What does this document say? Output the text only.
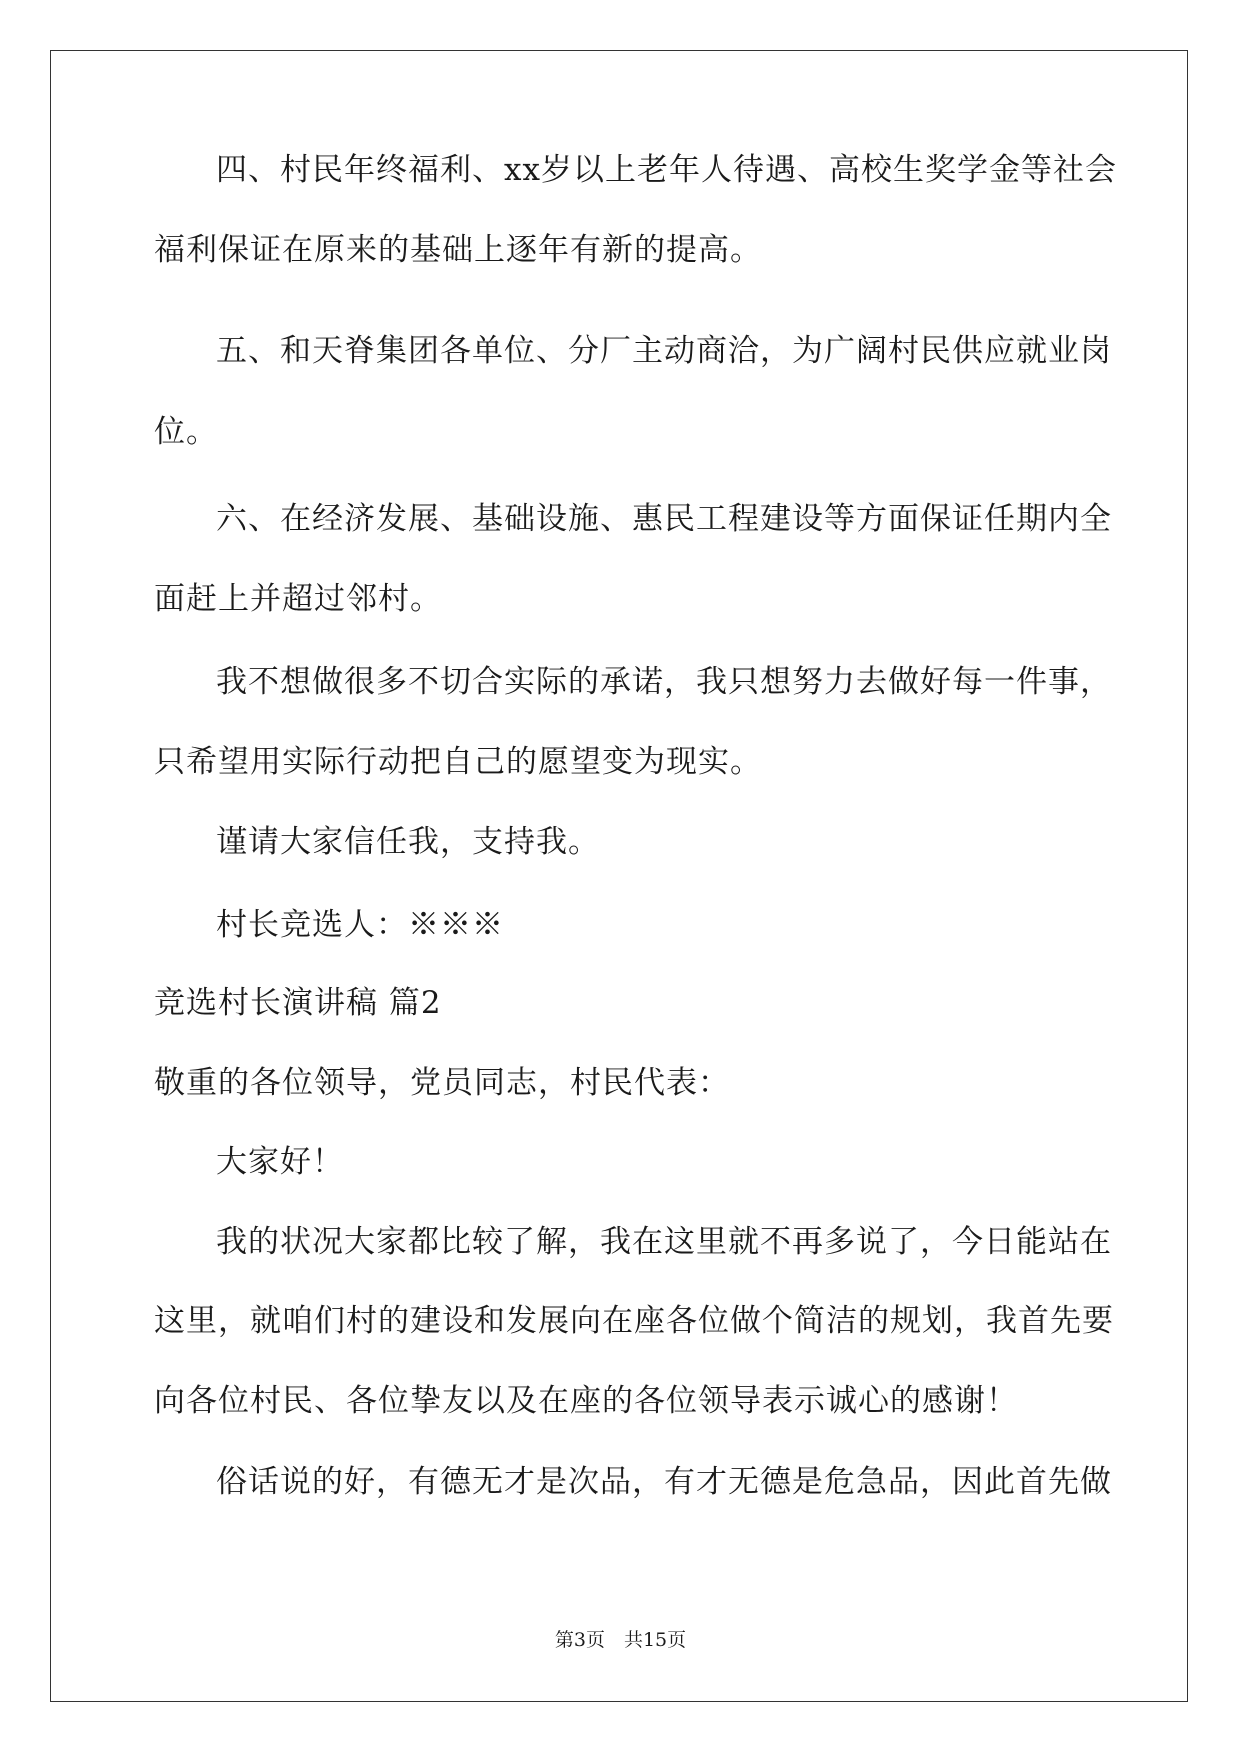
四、村民年终福利、xx岁以上老年人待遇、高校生奖学金等社会
福利保证在原来的基础上逐年有新的提高。
五、和天脊集团各单位、分厂主动商洽，为广阔村民供应就业岗
位。
六、在经济发展、基础设施、惠民工程建设等方面保证任期内全
面赶上并超过邻村。
我不想做很多不切合实际的承诺，我只想努力去做好每一件事，
只希望用实际行动把自己的愿望变为现实。
谨请大家信任我，支持我。
村长竞选人：※※※
竞选村长演讲稿 篇2
敬重的各位领导，党员同志，村民代表：
大家好！
我的状况大家都比较了解，我在这里就不再多说了，今日能站在
这里，就咱们村的建设和发展向在座各位做个简洁的规划，我首先要
向各位村民、各位挚友以及在座的各位领导表示诚心的感谢！
俗话说的好，有德无才是次品，有才无德是危急品，因此首先做
第3页　共15页
